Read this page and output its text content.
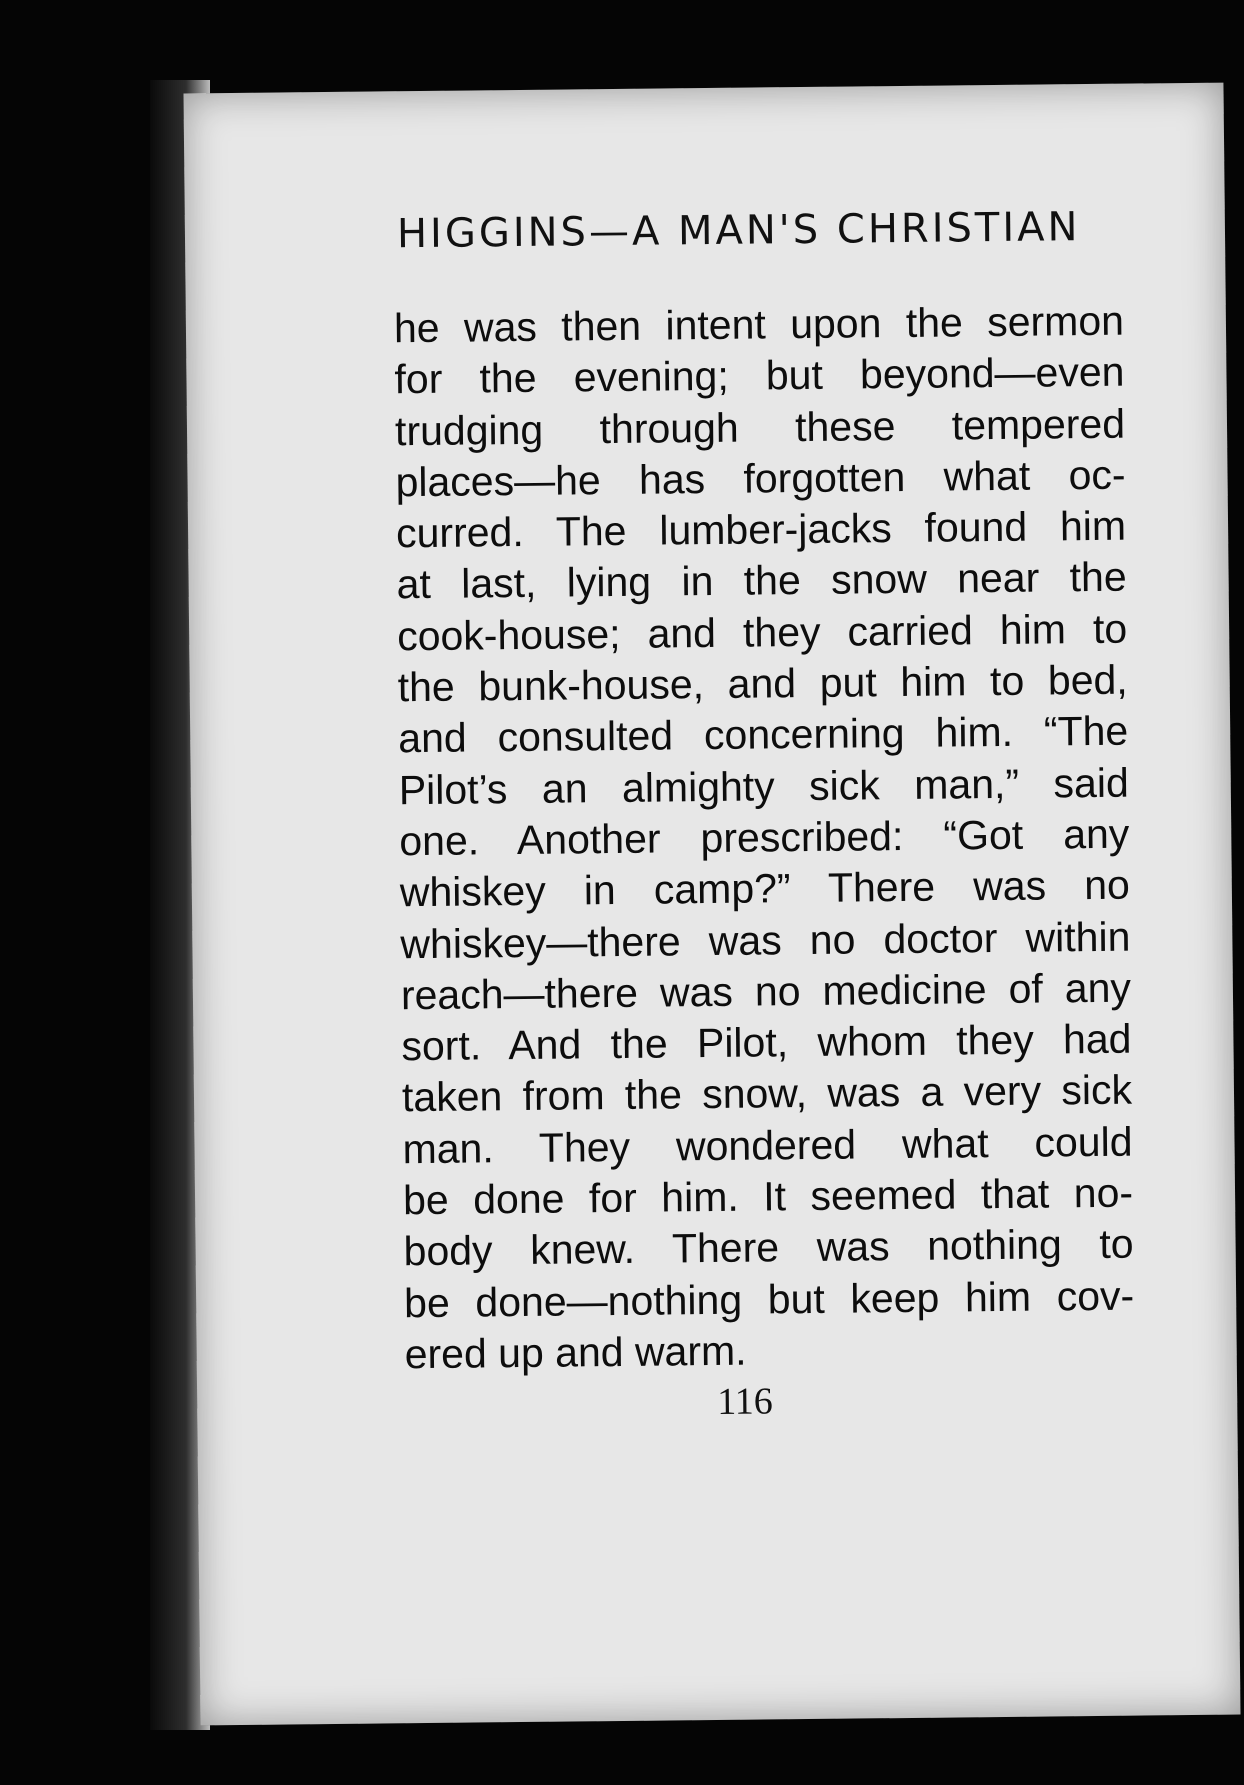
HIGGINS—A MAN'S CHRISTIAN
he was then intent upon the sermon
for the evening; but beyond—even
trudging through these tempered
places—he has forgotten what oc-
curred. The lumber-jacks found him
at last, lying in the snow near the
cook-house; and they carried him to
the bunk-house, and put him to bed,
and consulted concerning him. “The
Pilot’s an almighty sick man,” said
one. Another prescribed: “Got any
whiskey in camp?” There was no
whiskey—there was no doctor within
reach—there was no medicine of any
sort. And the Pilot, whom they had
taken from the snow, was a very sick
man. They wondered what could
be done for him. It seemed that no-
body knew. There was nothing to
be done—nothing but keep him cov-
ered up and warm.
116
